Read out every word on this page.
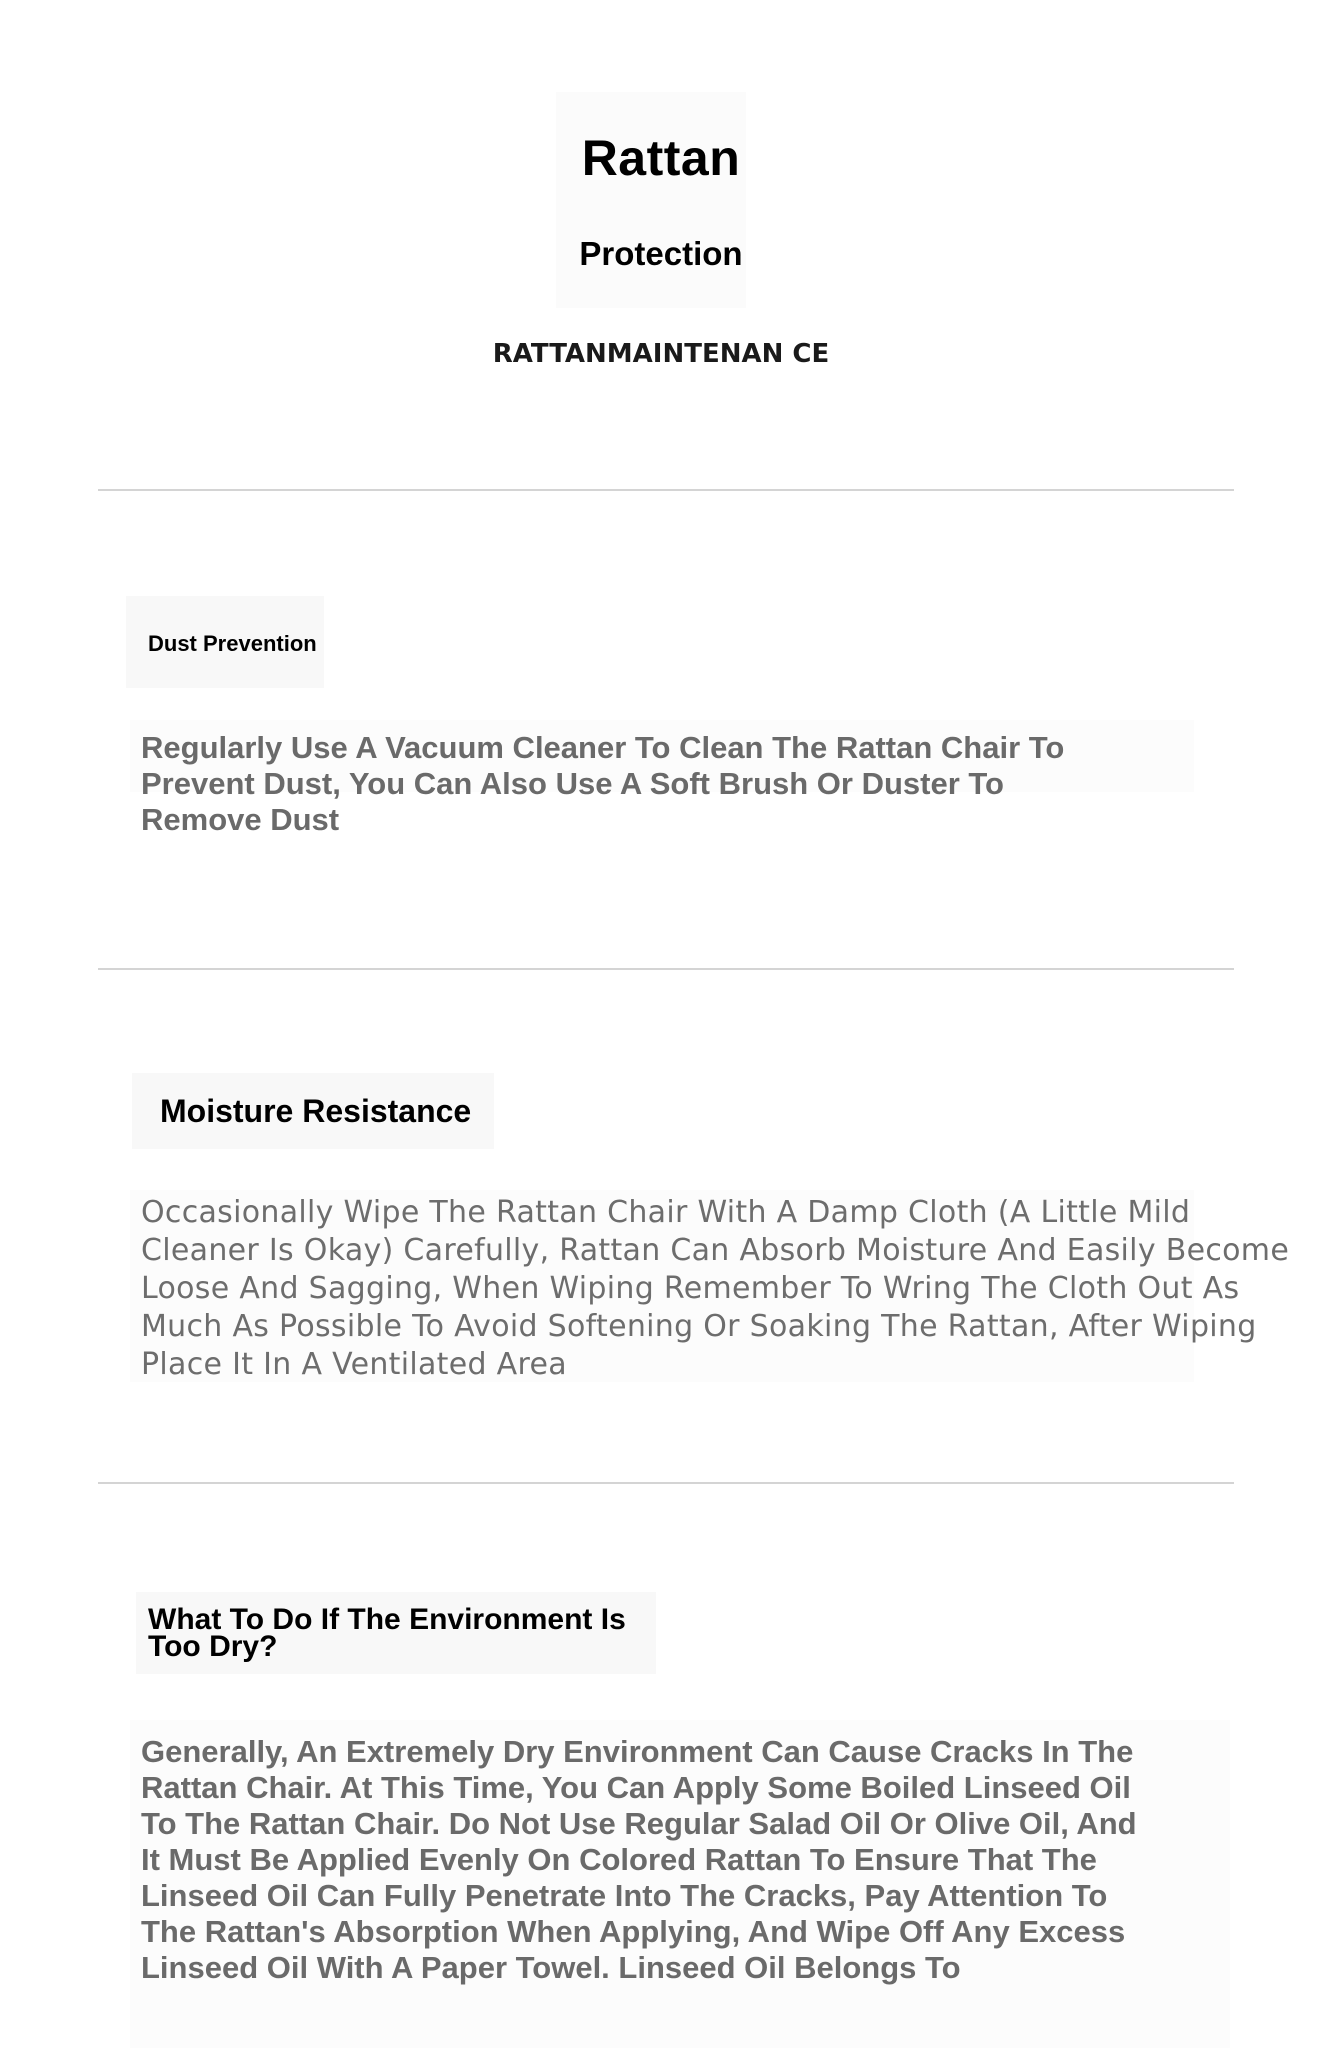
Rattan
Protection
RATTANMAINTENAN CE
Dust Prevention
Regularly Use A Vacuum Cleaner To Clean The Rattan Chair To Prevent Dust, You Can Also Use A Soft Brush Or Duster To Remove Dust
Moisture Resistance
Occasionally Wipe The Rattan Chair With A Damp Cloth (A Little Mild Cleaner Is Okay) Carefully, Rattan Can Absorb Moisture And Easily Become Loose And Sagging, When Wiping Remember To Wring The Cloth Out As Much As Possible To Avoid Softening Or Soaking The Rattan, After Wiping Place It In A Ventilated Area
What To Do If The Environment Is Too Dry?
Generally, An Extremely Dry Environment Can Cause Cracks In The Rattan Chair. At This Time, You Can Apply Some Boiled Linseed Oil To The Rattan Chair. Do Not Use Regular Salad Oil Or Olive Oil, And It Must Be Applied Evenly On Colored Rattan To Ensure That The Linseed Oil Can Fully Penetrate Into The Cracks, Pay Attention To The Rattan's Absorption When Applying, And Wipe Off Any Excess Linseed Oil With A Paper Towel. Linseed Oil Belongs To
